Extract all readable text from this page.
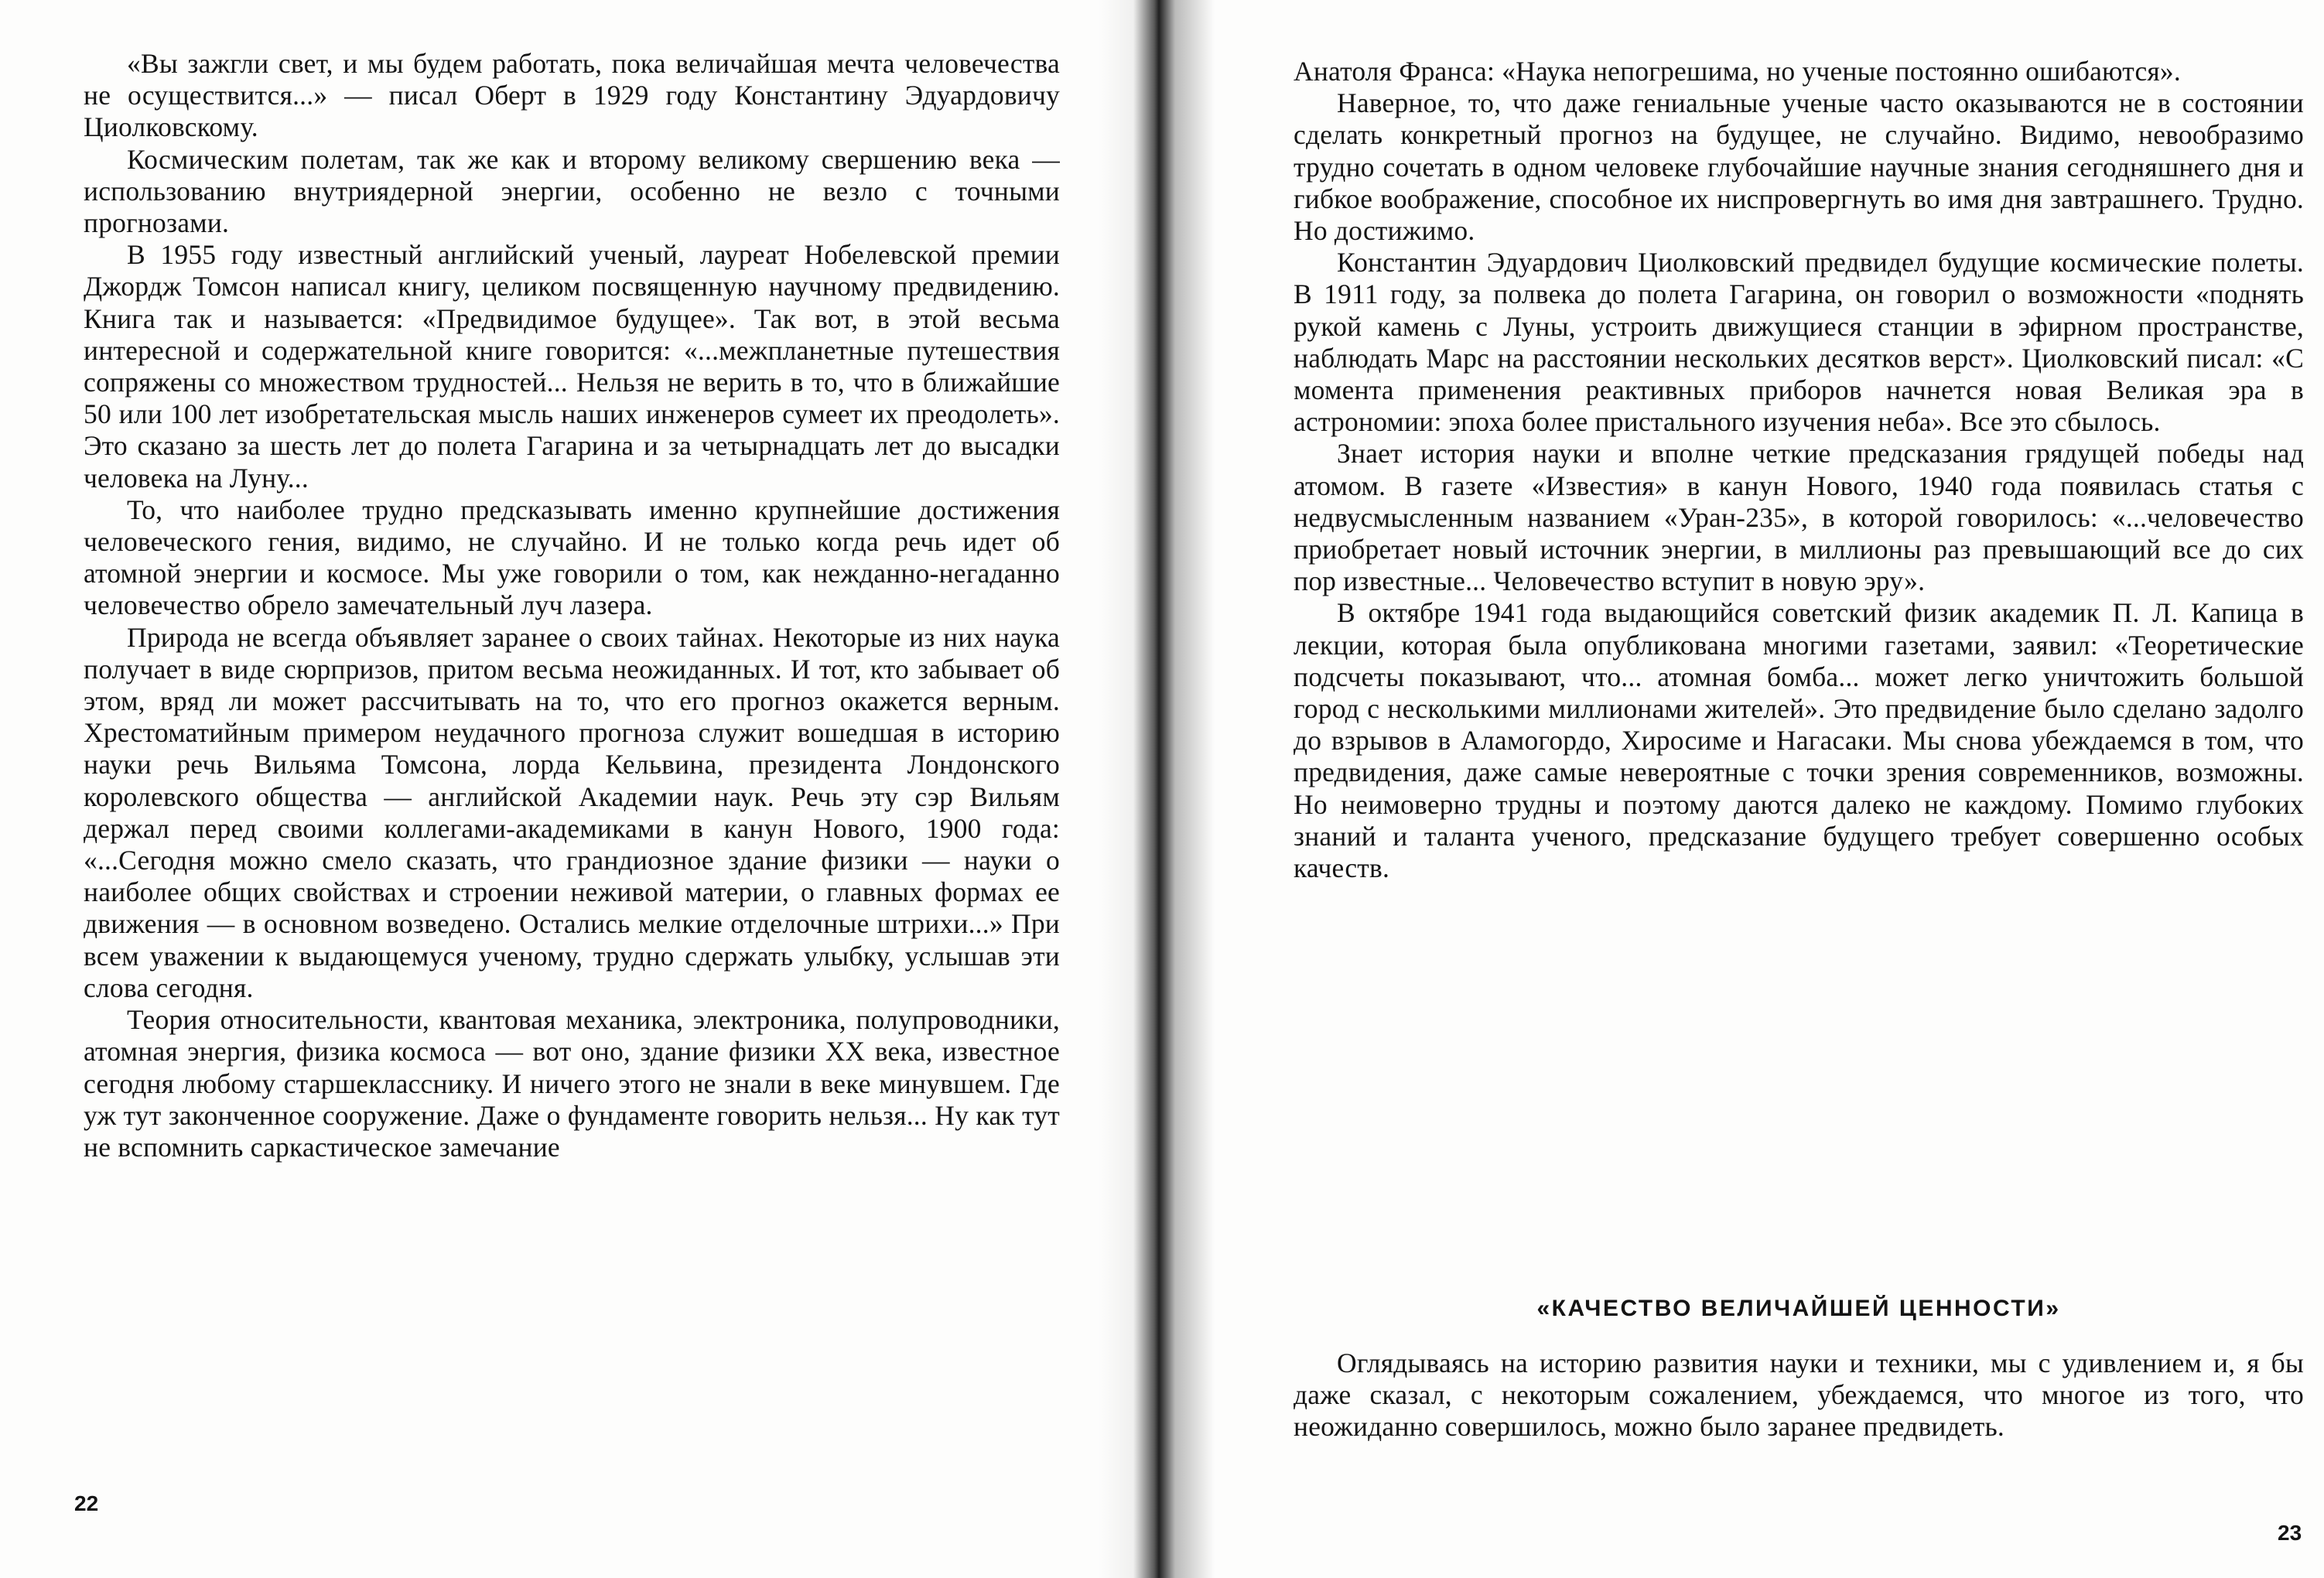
«Вы зажгли свет, и мы будем работать, пока величайшая мечта человечества не осуществится...» — писал Оберт в 1929 году Константину Эдуардовичу Циолковскому.

Космическим полетам, так же как и второму великому свершению века — использованию внутриядерной энергии, особенно не везло с точными прогнозами.

В 1955 году известный английский ученый, лауреат Нобелевской премии Джордж Томсон написал книгу, целиком посвященную научному предвидению. Книга так и называется: «Предвидимое будущее». Так вот, в этой весьма интересной и содержательной книге говорится: «...межпланетные путешествия сопряжены со множеством трудностей... Нельзя не верить в то, что в ближайшие 50 или 100 лет изобретательская мысль наших инженеров сумеет их преодолеть». Это сказано за шесть лет до полета Гагарина и за четырнадцать лет до высадки человека на Луну...

То, что наиболее трудно предсказывать именно крупнейшие достижения человеческого гения, видимо, не случайно. И не только когда речь идет об атомной энергии и космосе. Мы уже говорили о том, как нежданно-негаданно человечество обрело замечательный луч лазера.

Природа не всегда объявляет заранее о своих тайнах. Некоторые из них наука получает в виде сюрпризов, притом весьма неожиданных. И тот, кто забывает об этом, вряд ли может рассчитывать на то, что его прогноз окажется верным. Хрестоматийным примером неудачного прогноза служит вошедшая в историю науки речь Вильяма Томсона, лорда Кельвина, президента Лондонского королевского общества — английской Академии наук. Речь эту сэр Вильям держал перед своими коллегами-академиками в канун Нового, 1900 года: «...Сегодня можно смело сказать, что грандиозное здание физики — науки о наиболее общих свойствах и строении неживой материи, о главных формах ее движения — в основном возведено. Остались мелкие отделочные штрихи...» При всем уважении к выдающемуся ученому, трудно сдержать улыбку, услышав эти слова сегодня.

Теория относительности, квантовая механика, электроника, полупроводники, атомная энергия, физика космоса — вот оно, здание физики XX века, известное сегодня любому старшекласснику. И ничего этого не знали в веке минувшем. Где уж тут законченное сооружение. Даже о фундаменте говорить нельзя... Ну как тут не вспомнить саркастическое замечание

22

Анатоля Франса: «Наука непогрешима, но ученые постоянно ошибаются».

Наверное, то, что даже гениальные ученые часто оказываются не в состоянии сделать конкретный прогноз на будущее, не случайно. Видимо, невообразимо трудно сочетать в одном человеке глубочайшие научные знания сегодняшнего дня и гибкое воображение, способное их ниспровергнуть во имя дня завтрашнего. Трудно. Но достижимо.

Константин Эдуардович Циолковский предвидел будущие космические полеты. В 1911 году, за полвека до полета Гагарина, он говорил о возможности «поднять рукой камень с Луны, устроить движущиеся станции в эфирном пространстве, наблюдать Марс на расстоянии нескольких десятков верст». Циолковский писал: «С момента применения реактивных приборов начнется новая Великая эра в астрономии: эпоха более пристального изучения неба». Все это сбылось.

Знает история науки и вполне четкие предсказания грядущей победы над атомом. В газете «Известия» в канун Нового, 1940 года появилась статья с недвусмысленным названием «Уран-235», в которой говорилось: «...человечество приобретает новый источник энергии, в миллионы раз превышающий все до сих пор известные... Человечество вступит в новую эру».

В октябре 1941 года выдающийся советский физик академик П. Л. Капица в лекции, которая была опубликована многими газетами, заявил: «Теоретические подсчеты показывают, что... атомная бомба... может легко уничтожить большой город с несколькими миллионами жителей». Это предвидение было сделано задолго до взрывов в Аламогордо, Хиросиме и Нагасаки. Мы снова убеждаемся в том, что предвидения, даже самые невероятные с точки зрения современников, возможны. Но неимоверно трудны и поэтому даются далеко не каждому. Помимо глубоких знаний и таланта ученого, предсказание будущего требует совершенно особых качеств.

«КАЧЕСТВО ВЕЛИЧАЙШЕЙ ЦЕННОСТИ»

Оглядываясь на историю развития науки и техники, мы с удивлением и, я бы даже сказал, с некоторым сожалением, убеждаемся, что многое из того, что неожиданно совершилось, можно было заранее предвидеть.

23
